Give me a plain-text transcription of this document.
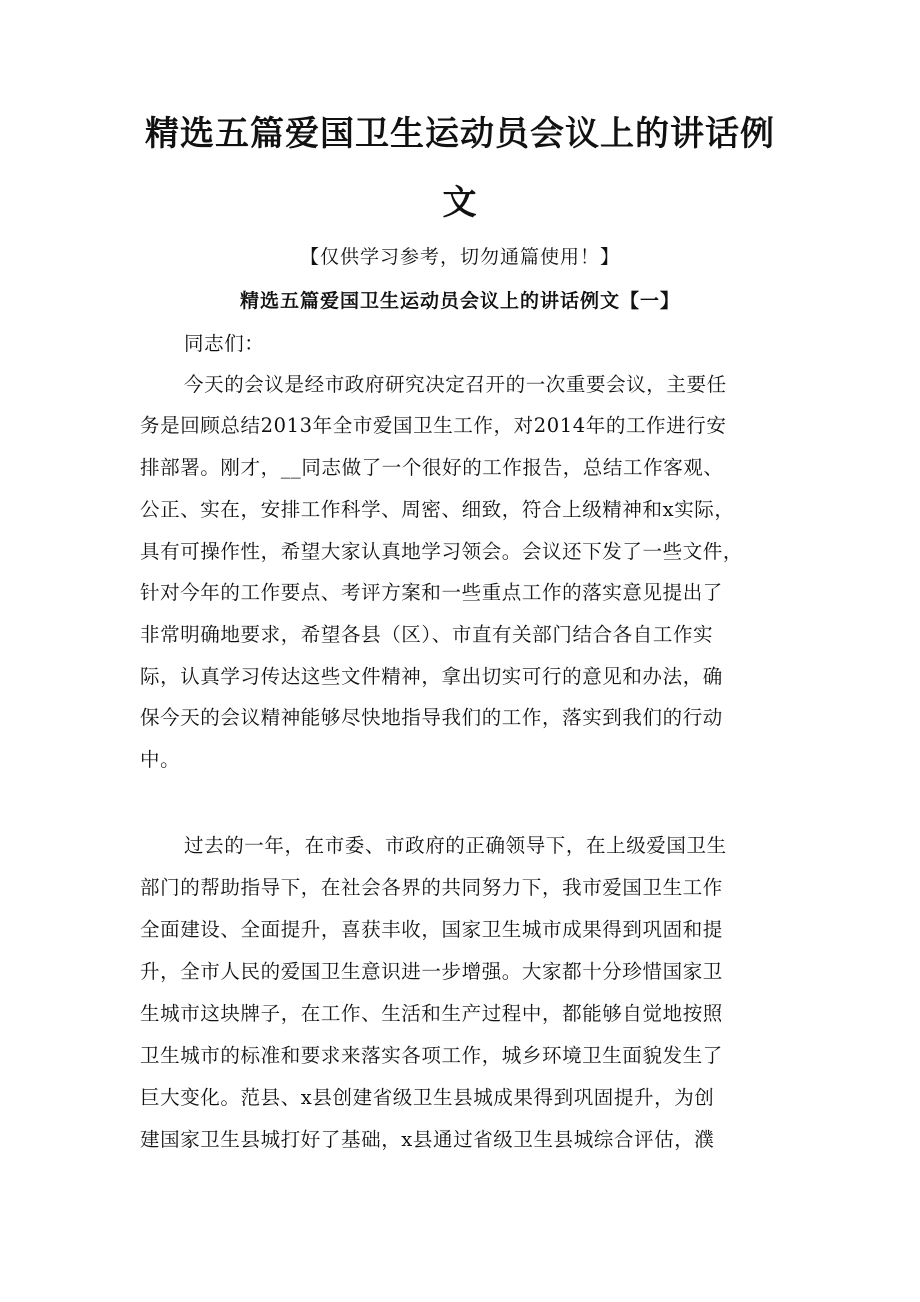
精选五篇爱国卫生运动员会议上的讲话例
文
【仅供学习参考，切勿通篇使用！】
精选五篇爱国卫生运动员会议上的讲话例文【一】
同志们：
今天的会议是经市政府研究决定召开的一次重要会议，主要任
务是回顾总结2013年全市爱国卫生工作，对2014年的工作进行安
排部署。刚才，__同志做了一个很好的工作报告，总结工作客观、
公正、实在，安排工作科学、周密、细致，符合上级精神和x实际，
具有可操作性，希望大家认真地学习领会。会议还下发了一些文件，
针对今年的工作要点、考评方案和一些重点工作的落实意见提出了
非常明确地要求，希望各县（区）、市直有关部门结合各自工作实
际，认真学习传达这些文件精神，拿出切实可行的意见和办法，确
保今天的会议精神能够尽快地指导我们的工作，落实到我们的行动
中。
过去的一年，在市委、市政府的正确领导下，在上级爱国卫生
部门的帮助指导下，在社会各界的共同努力下，我市爱国卫生工作
全面建设、全面提升，喜获丰收，国家卫生城市成果得到巩固和提
升，全市人民的爱国卫生意识进一步增强。大家都十分珍惜国家卫
生城市这块牌子，在工作、生活和生产过程中，都能够自觉地按照
卫生城市的标准和要求来落实各项工作，城乡环境卫生面貌发生了
巨大变化。范县、x县创建省级卫生县城成果得到巩固提升，为创
建国家卫生县城打好了基础，x县通过省级卫生县城综合评估，濮
